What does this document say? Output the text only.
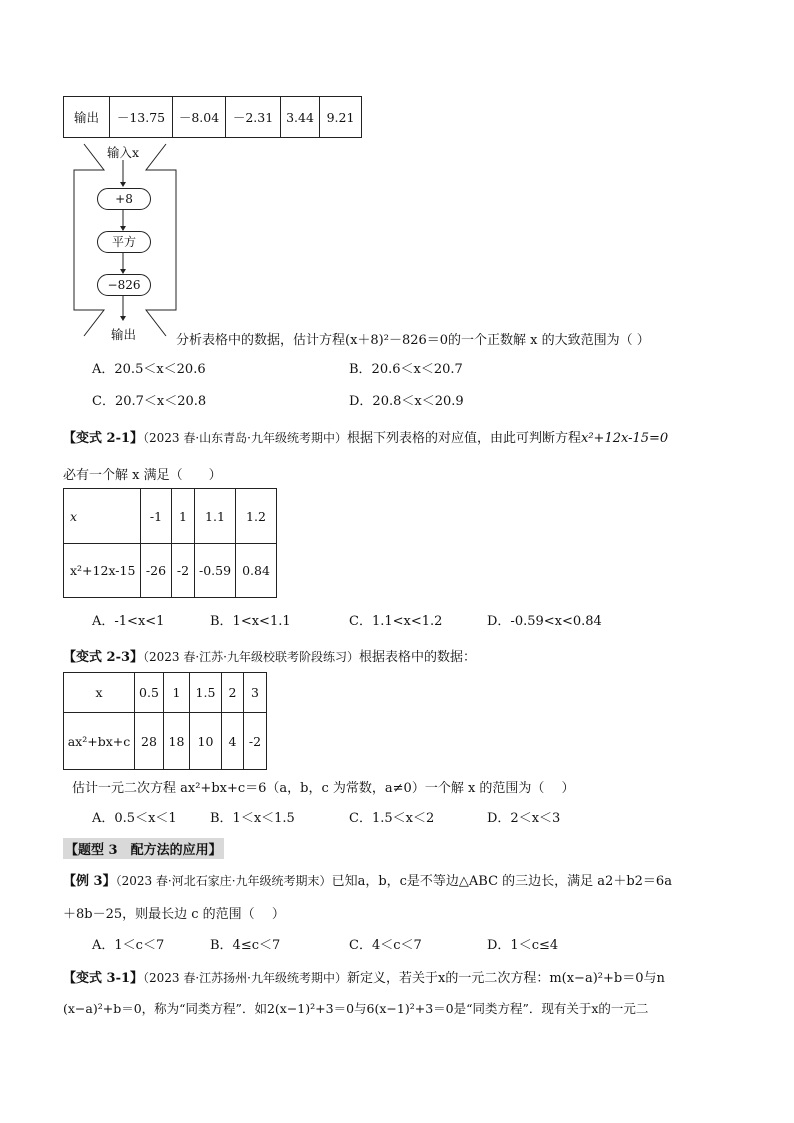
输出	－13.75	－8.04	－2.31	3.44	9.21
输入x
+8
平方
−826
输出	分析表格中的数据，估计方程(x＋8)²－826＝0的一个正数解 x 的大致范围为（ ）
A．20.5＜x＜20.6	B．20.6＜x＜20.7
C．20.7＜x＜20.8	D．20.8＜x＜20.9
【变式 2-1】（2023 春·山东青岛·九年级统考期中）根据下列表格的对应值，由此可判断方程x²+12x-15=0
必有一个解 x 满足（　　）
x	-1	1	1.1	1.2
x²+12x-15	-26	-2	-0.59	0.84
A．-1<x<1	B．1<x<1.1	C．1.1<x<1.2	D．-0.59<x<0.84
【变式 2-3】（2023 春·江苏·九年级校联考阶段练习）根据表格中的数据：
x	0.5	1	1.5	2	3
ax²+bx+c	28	18	10	4	-2
估计一元二次方程 ax²+bx+c＝6（a，b，c 为常数，a≠0）一个解 x 的范围为（　 ）
A．0.5＜x＜1	B．1＜x＜1.5	C．1.5＜x＜2	D．2＜x＜3
【题型 3　配方法的应用】
【例 3】（2023 春·河北石家庄·九年级统考期末）已知a，b，c是不等边△ABC 的三边长，满足 a2＋b2＝6a
＋8b－25，则最长边 c 的范围（　 ）
A．1＜c＜7	B．4≤c＜7	C．4＜c＜7	D．1＜c≤4
【变式 3-1】（2023 春·江苏扬州·九年级统考期中）新定义，若关于x的一元二次方程：m(x−a)²+b＝0与n
(x−a)²+b＝0，称为“同类方程”．如2(x−1)²+3＝0与6(x−1)²+3＝0是“同类方程”．现有关于x的一元二
